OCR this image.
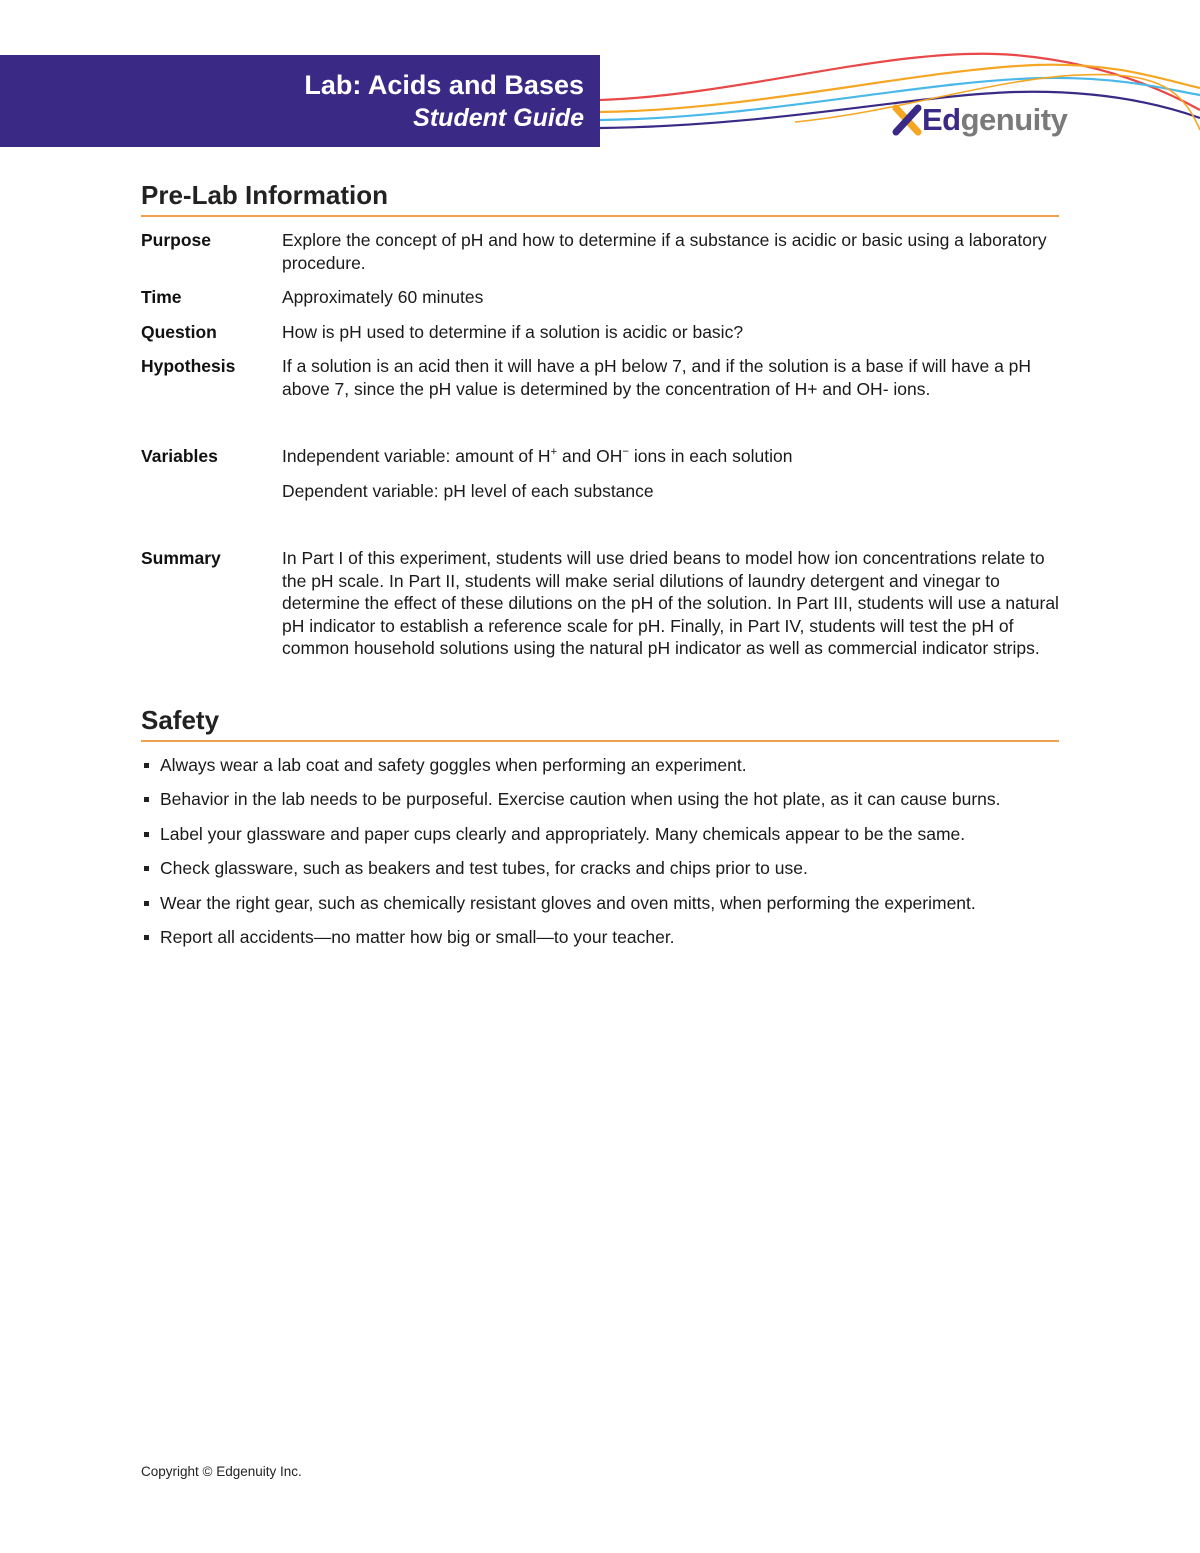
Lab: Acids and Bases
Student Guide	Edgenuity
Pre-Lab Information
Purpose	Explore the concept of pH and how to determine if a substance is acidic or basic using a laboratory procedure.
Time	Approximately 60 minutes
Question	How is pH used to determine if a solution is acidic or basic?
Hypothesis	If a solution is an acid then it will have a pH below 7, and if the solution is a base if will have a pH above 7, since the pH value is determined by the concentration of H+ and OH- ions.
Variables	Independent variable: amount of H+ and OH− ions in each solution

Dependent variable: pH level of each substance

Summary	In Part I of this experiment, students will use dried beans to model how ion concentrations relate to the pH scale. In Part II, students will make serial dilutions of laundry detergent and vinegar to determine the effect of these dilutions on the pH of the solution. In Part III, students will use a natural pH indicator to establish a reference scale for pH. Finally, in Part IV, students will test the pH of common household solutions using the natural pH indicator as well as commercial indicator strips.
Safety
Always wear a lab coat and safety goggles when performing an experiment.
Behavior in the lab needs to be purposeful. Exercise caution when using the hot plate, as it can cause burns.
Label your glassware and paper cups clearly and appropriately. Many chemicals appear to be the same.
Check glassware, such as beakers and test tubes, for cracks and chips prior to use.
Wear the right gear, such as chemically resistant gloves and oven mitts, when performing the experiment.
Report all accidents—no matter how big or small—to your teacher.
Copyright © Edgenuity Inc.
